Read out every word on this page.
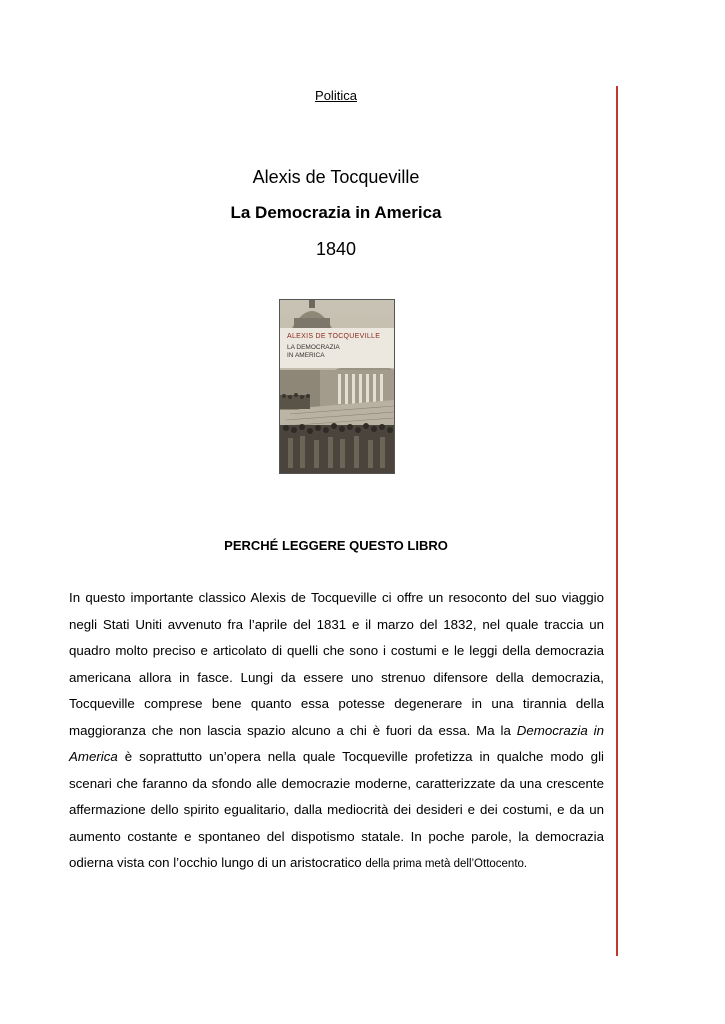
Politica
Alexis de Tocqueville
La Democrazia in America
1840
ALEXIS DE TOCQUEVILLE
LA DEMOCRAZIA
IN AMERICA
PERCHÉ LEGGERE QUESTO LIBRO
In questo importante classico Alexis de Tocqueville ci offre un resoconto del suo viaggio negli Stati Uniti avvenuto fra l’aprile del 1831 e il marzo del 1832, nel quale traccia un quadro molto preciso e articolato di quelli che sono i costumi e le leggi della democrazia americana allora in fasce. Lungi da essere uno strenuo difensore della democrazia, Tocqueville comprese bene quanto essa potesse degenerare in una tirannia della maggioranza che non lascia spazio alcuno a chi è fuori da essa. Ma la Democrazia in America è soprattutto un’opera nella quale Tocqueville profetizza in qualche modo gli scenari che faranno da sfondo alle democrazie moderne, caratterizzate da una crescente affermazione dello spirito egualitario, dalla mediocrità dei desideri e dei costumi, e da un aumento costante e spontaneo del dispotismo statale. In poche parole, la democrazia odierna vista con l’occhio lungo di un aristocratico della prima metà dell’Ottocento.
